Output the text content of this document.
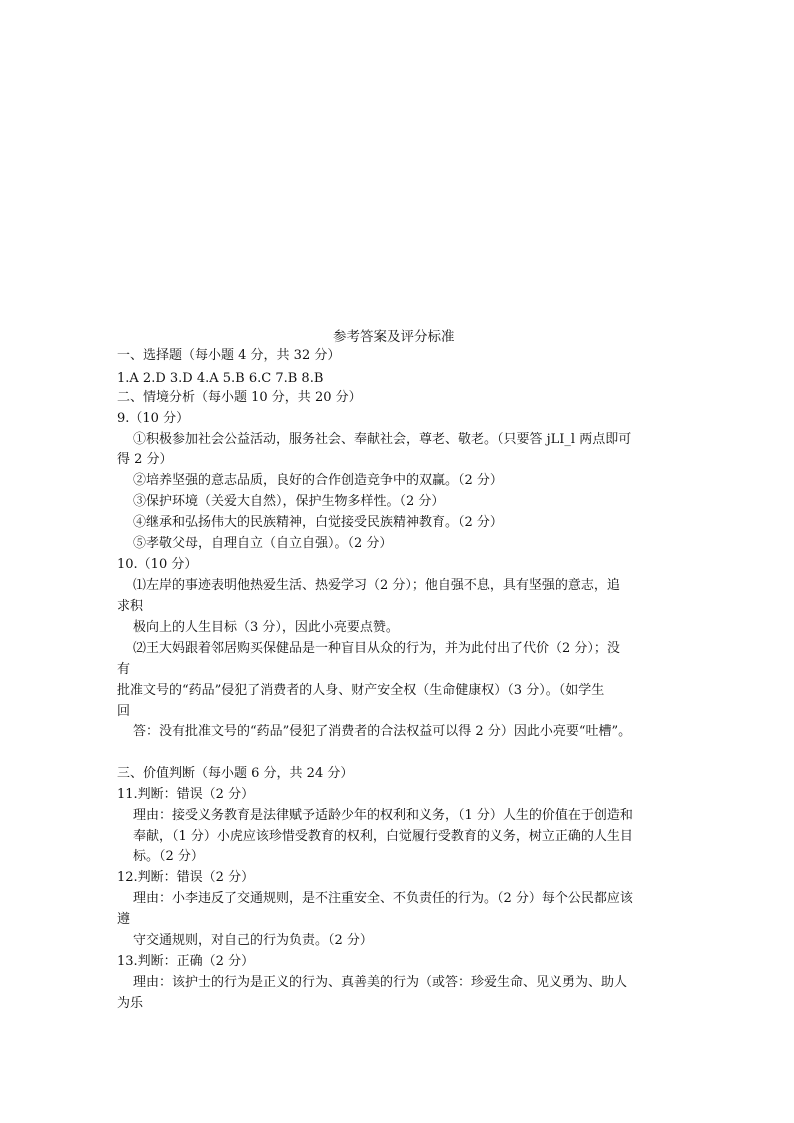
参考答案及评分标准
一、选择题（每小题 4 分，共 32 分）
1.A 2.D 3.D 4.A 5.B 6.C 7.B 8.B
二、情境分析（每小题 10 分，共 20 分）
9.（10 分）
①积极参加社会公益活动，服务社会、奉献社会，尊老、敬老。（只要答 jLI_l 两点即可
得 2 分）
②培养坚强的意志品质，良好的合作创造竞争中的双赢。（2 分）
③保护环境（关爱大自然），保护生物多样性。（2 分）
④继承和弘扬伟大的民族精神，白觉接受民族精神教育。（2 分）
⑤孝敬父母，自理自立（自立自强）。（2 分）
10.（10 分）
⑴左岸的事迹表明他热爱生活、热爱学习（2 分）；他自强不息，具有坚强的意志，追
求积
极向上的人生目标（3 分），因此小亮要点赞。
⑵王大妈跟着邻居购买保健品是一种盲目从众的行为，并为此付出了代价（2 分）；没
有
批准文号的“药品”侵犯了消费者的人身、财产安全权（生命健康权）（3 分）。（如学生
回
答：没有批准文号的“药品”侵犯了消费者的合法权益可以得 2 分）因此小亮要“吐槽”。
三、价值判断（每小题 6 分，共 24 分）
11.判断：错误（2 分）
理由：接受义务教育是法律赋予适龄少年的权利和义务，（1 分）人生的价值在于创造和
奉献，（1 分）小虎应该珍惜受教育的权利，白觉履行受教育的义务，树立正确的人生目
标。（2 分）
12.判断：错误（2 分）
理由：小李违反了交通规则，是不注重安全、不负责任的行为。（2 分）每个公民都应该
遵
守交通规则，对自己的行为负责。（2 分）
13.判断：正确（2 分）
理由：该护士的行为是正义的行为、真善美的行为（或答：珍爱生命、见义勇为、助人
为乐
